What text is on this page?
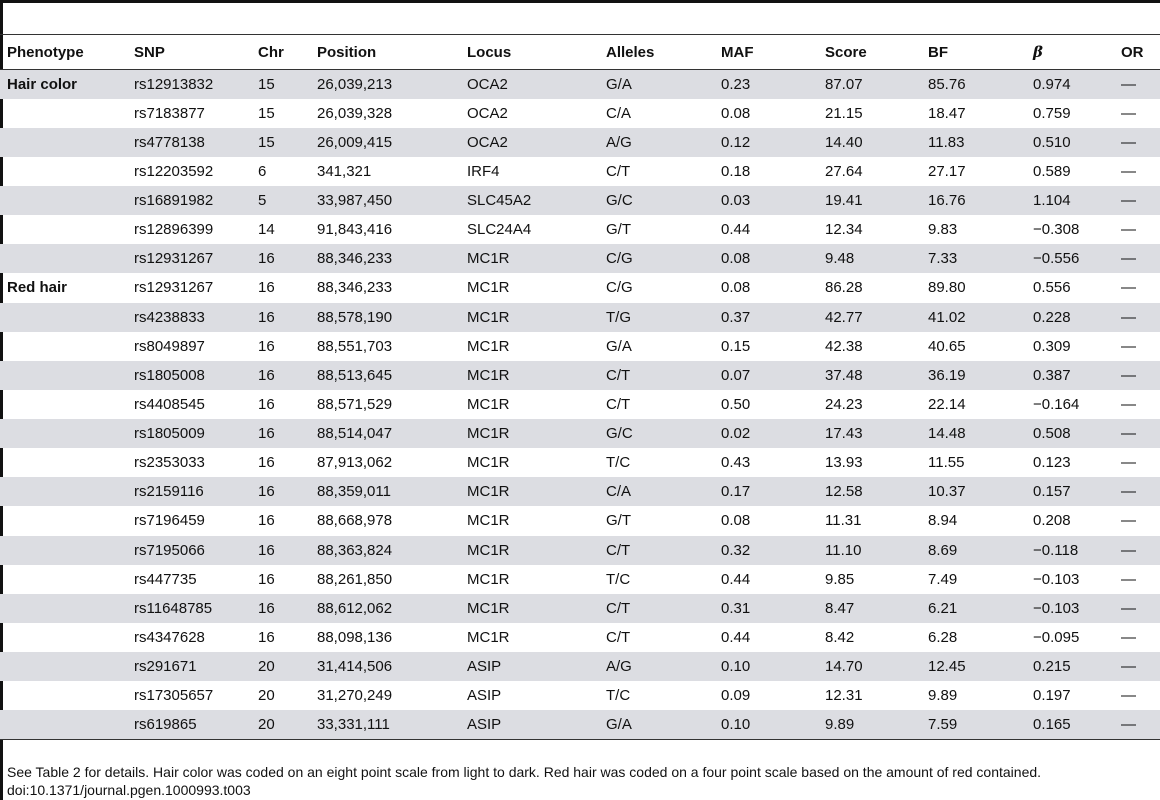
Phenotype	SNP	Chr	Position	Locus	Alleles	MAF	Score	BF	β	OR
Hair color	rs12913832	15	26,039,213	OCA2	G/A	0.23	87.07	85.76	0.974	—
	rs7183877	15	26,039,328	OCA2	C/A	0.08	21.15	18.47	0.759	—
	rs4778138	15	26,009,415	OCA2	A/G	0.12	14.40	11.83	0.510	—
	rs12203592	6	341,321	IRF4	C/T	0.18	27.64	27.17	0.589	—
	rs16891982	5	33,987,450	SLC45A2	G/C	0.03	19.41	16.76	1.104	—
	rs12896399	14	91,843,416	SLC24A4	G/T	0.44	12.34	9.83	−0.308	—
	rs12931267	16	88,346,233	MC1R	C/G	0.08	9.48	7.33	−0.556	—
Red hair	rs12931267	16	88,346,233	MC1R	C/G	0.08	86.28	89.80	0.556	—
	rs4238833	16	88,578,190	MC1R	T/G	0.37	42.77	41.02	0.228	—
	rs8049897	16	88,551,703	MC1R	G/A	0.15	42.38	40.65	0.309	—
	rs1805008	16	88,513,645	MC1R	C/T	0.07	37.48	36.19	0.387	—
	rs4408545	16	88,571,529	MC1R	C/T	0.50	24.23	22.14	−0.164	—
	rs1805009	16	88,514,047	MC1R	G/C	0.02	17.43	14.48	0.508	—
	rs2353033	16	87,913,062	MC1R	T/C	0.43	13.93	11.55	0.123	—
	rs2159116	16	88,359,011	MC1R	C/A	0.17	12.58	10.37	0.157	—
	rs7196459	16	88,668,978	MC1R	G/T	0.08	11.31	8.94	0.208	—
	rs7195066	16	88,363,824	MC1R	C/T	0.32	11.10	8.69	−0.118	—
	rs447735	16	88,261,850	MC1R	T/C	0.44	9.85	7.49	−0.103	—
	rs11648785	16	88,612,062	MC1R	C/T	0.31	8.47	6.21	−0.103	—
	rs4347628	16	88,098,136	MC1R	C/T	0.44	8.42	6.28	−0.095	—
	rs291671	20	31,414,506	ASIP	A/G	0.10	14.70	12.45	0.215	—
	rs17305657	20	31,270,249	ASIP	T/C	0.09	12.31	9.89	0.197	—
	rs619865	20	33,331,111	ASIP	G/A	0.10	9.89	7.59	0.165	—
See Table 2 for details. Hair color was coded on an eight point scale from light to dark. Red hair was coded on a four point scale based on the amount of red contained.
doi:10.1371/journal.pgen.1000993.t003
